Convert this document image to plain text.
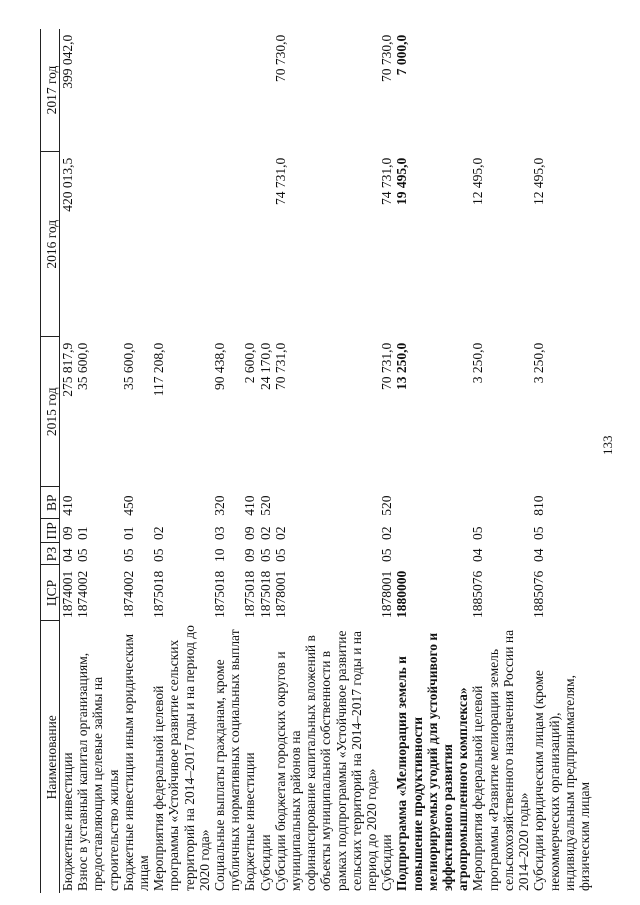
133
Наименование	ЦСР	РЗ	ПР	ВР	2015 год	2016 год	2017 год
Бюджетные инвестиции	1874001	04	09	410	275 817,9	420 013,5	399 042,0
Взнос в уставный капитал организациям, предоставляющим целевые займы на строительство жилья	1874002	05	01		35 600,0		
Бюджетные инвестиции иным юридическим лицам	1874002	05	01	450	35 600,0		
Мероприятия федеральной целевой программы «Устойчивое развитие сельских территорий на 2014–2017 годы и на период до 2020 года»	1875018	05	02		117 208,0		
Социальные выплаты гражданам, кроме публичных нормативных социальных выплат	1875018	10	03	320	90 438,0		
Бюджетные инвестиции	1875018	09	09	410	2 600,0		
Субсидии	1875018	05	02	520	24 170,0		
Субсидии бюджетам городских округов и муниципальных районов на софинансирование капитальных вложений в объекты муниципальной собственности в рамках подпрограммы «Устойчивое развитие сельских территорий на 2014–2017 годы и на период до 2020 года»	1878001	05	02		70 731,0	74 731,0	70 730,0
Субсидии	1878001	05	02	520	70 731,0	74 731,0	70 730,0
Подпрограмма «Мелиорация земель и повышение продуктивности мелиорируемых угодий для устойчивого и эффективного развития агропромышленного комплекса»	1880000				13 250,0	19 495,0	7 000,0
Мероприятия федеральной целевой программы «Развитие мелиорации земель сельскохозяйственного назначения России на 2014–2020 годы»	1885076	04	05		3 250,0	12 495,0	
Субсидии юридическим лицам (кроме некоммерческих организаций), индивидуальным предпринимателям, физическим лицам	1885076	04	05	810	3 250,0	12 495,0	
